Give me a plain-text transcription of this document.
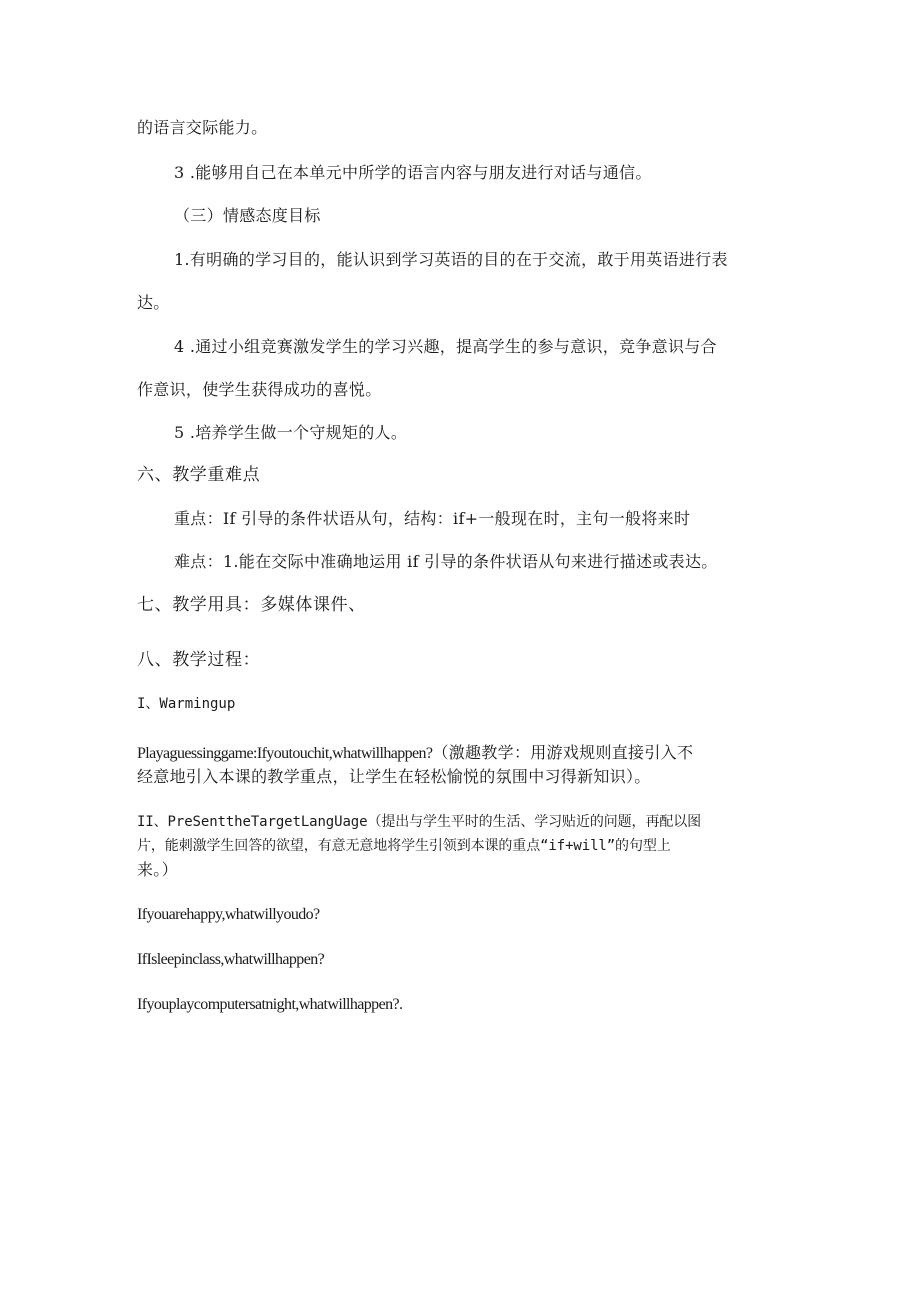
的语言交际能力。
3 .能够用自己在本单元中所学的语言内容与朋友进行对话与通信。
（三）情感态度目标
1.有明确的学习目的，能认识到学习英语的目的在于交流，敢于用英语进行表
达。
4 .通过小组竞赛激发学生的学习兴趣，提高学生的参与意识，竞争意识与合
作意识，使学生获得成功的喜悦。
5 .培养学生做一个守规矩的人。
六、教学重难点
重点：If 引导的条件状语从句，结构：if+一般现在时，主句一般将来时
难点：1.能在交际中准确地运用 if 引导的条件状语从句来进行描述或表达。
七、教学用具：多媒体课件、
八、教学过程：
I、Warmingup
Playaguessinggame:Ifyoutouchit,whatwillhappen?（激趣教学：用游戏规则直接引入不
经意地引入本课的教学重点，让学生在轻松愉悦的氛围中习得新知识）。
II、PreSenttheTargetLangUage（提出与学生平时的生活、学习贴近的问题，再配以图
片，能刺激学生回答的欲望，有意无意地将学生引领到本课的重点“if+will”的句型上
来。）
Ifyouarehappy,whatwillyoudo?
IfIsleepinclass,whatwillhappen?
Ifyouplaycomputersatnight,whatwillhappen?.
